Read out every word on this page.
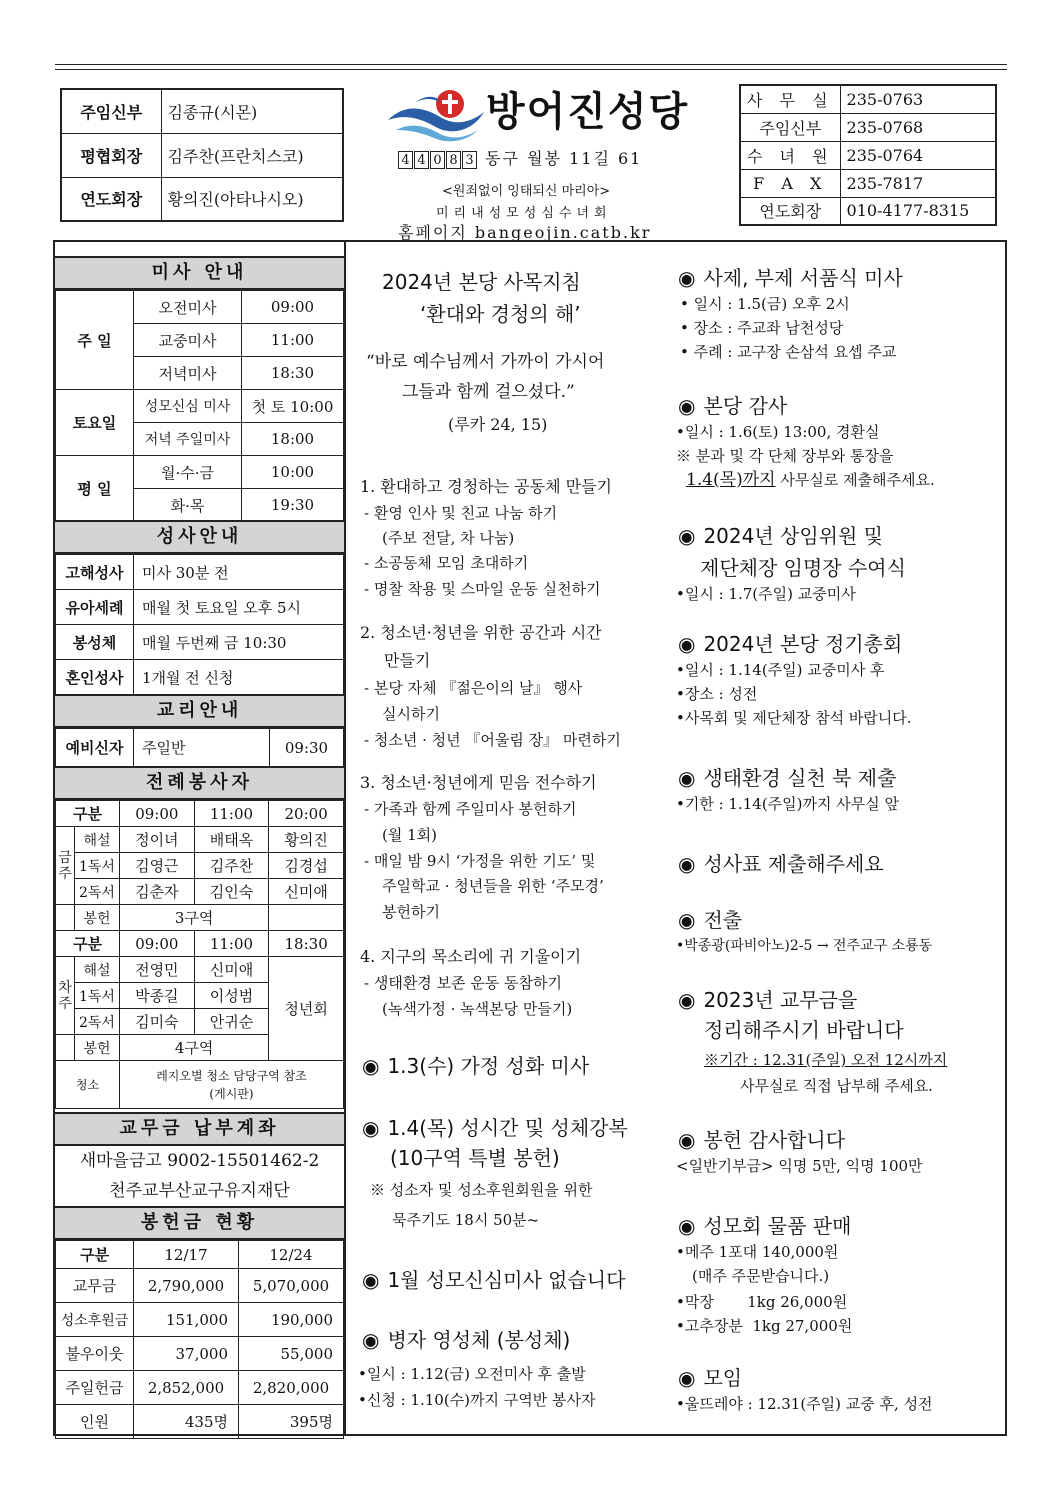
주임신부	김종규(시몬)
평협회장	김주찬(프란치스코)
연도회장	황의진(아타나시오)
방어진성당
4 4 0 8 3 동구 월봉 11길 61
<원죄없이 잉태되신 마리아>
미리내성모성심수녀회
홈페이지 bangeojin.catb.kr
사 무 실	235-0763
주임신부	235-0768
수 녀 원	235-0764
F A X	235-7817
연도회장	010-4177-8315
미사 안내
주 일	오전미사	09:00
	교중미사	11:00
	저녁미사	18:30
토요일	성모신심 미사	첫 토 10:00
	저녁 주일미사	18:00
평 일	월·수·금	10:00
	화·목	19:30
성사안내
고해성사	미사 30분 전
유아세례	매월 첫 토요일 오후 5시
봉성체	매월 두번째 금 10:30
혼인성사	1개월 전 신청
교리안내
예비신자	주일반	09:30
전례봉사자
구분		09:00	11:00	20:00
금주	해설	정이녀	배태옥	황의진
	1독서	김영근	김주찬	김경섭
	2독서	김춘자	김인숙	신미애
	봉헌	3구역		
구분		09:00	11:00	18:30
차주	해설	전영민	신미애	청년회
	1독서	박종길	이성범	
	2독서	김미숙	안귀순	
	봉헌	4구역		
청소		레지오별 청소 담당구역 참조
(게시판)		
교무금 납부계좌
새마을금고 9002-15501462-2
천주교부산교구유지재단
봉헌금 현황
구분	12/17	12/24
교무금	2,790,000	5,070,000
성소후원금	151,000	190,000
불우이웃	37,000	55,000
주일헌금	2,852,000	2,820,000
인원	435명	395명
2024년 본당 사목지침
‘환대와 경청의 해’
“바로 예수님께서 가까이 가시어
그들과 함께 걸으셨다.”
(루카 24, 15)
1. 환대하고 경청하는 공동체 만들기
- 환영 인사 및 친교 나눔 하기
(주보 전달, 차 나눔)
- 소공동체 모임 초대하기
- 명찰 착용 및 스마일 운동 실천하기
2. 청소년·청년을 위한 공간과 시간
만들기
- 본당 자체 『젊은이의 날』 행사
실시하기
- 청소년 · 청년 『어울림 장』 마련하기
3. 청소년·청년에게 믿음 전수하기
- 가족과 함께 주일미사 봉헌하기
(월 1회)
- 매일 밤 9시 ‘가정을 위한 기도’ 및
주일학교 · 청년들을 위한 ‘주모경’
봉헌하기
4. 지구의 목소리에 귀 기울이기
- 생태환경 보존 운동 동참하기
(녹색가정 · 녹색본당 만들기)
◉ 1.3(수) 가정 성화 미사
◉ 1.4(목) 성시간 및 성체강복
(10구역 특별 봉헌)
※ 성소자 및 성소후원회원을 위한
묵주기도 18시 50분~
◉ 1월 성모신심미사 없습니다
◉ 병자 영성체 (봉성체)
•일시 : 1.12(금) 오전미사 후 출발
•신청 : 1.10(수)까지 구역반 봉사자
◉ 사제, 부제 서품식 미사
• 일시 : 1.5(금) 오후 2시
• 장소 : 주교좌 남천성당
• 주례 : 교구장 손삼석 요셉 주교
◉ 본당 감사
•일시 : 1.6(토) 13:00, 경환실
※ 분과 및 각 단체 장부와 통장을
1.4(목)까지 사무실로 제출해주세요.
◉ 2024년 상임위원 및
제단체장 임명장 수여식
•일시 : 1.7(주일) 교중미사
◉ 2024년 본당 정기총회
•일시 : 1.14(주일) 교중미사 후
•장소 : 성전
•사목회 및 제단체장 참석 바랍니다.
◉ 생태환경 실천 북 제출
•기한 : 1.14(주일)까지 사무실 앞
◉ 성사표 제출해주세요
◉ 전출
•박종광(파비아노)2-5 → 전주교구 소룡동
◉ 2023년 교무금을
정리해주시기 바랍니다
※기간 : 12.31(주일) 오전 12시까지
사무실로 직접 납부해 주세요.
◉ 봉헌 감사합니다
<일반기부금> 익명 5만, 익명 100만
◉ 성모회 물품 판매
•메주 1포대 140,000원
(매주 주문받습니다.)
•막장       1kg 26,000원
•고추장분  1kg 27,000원
◉ 모임
•울뜨레야 : 12.31(주일) 교중 후, 성전
